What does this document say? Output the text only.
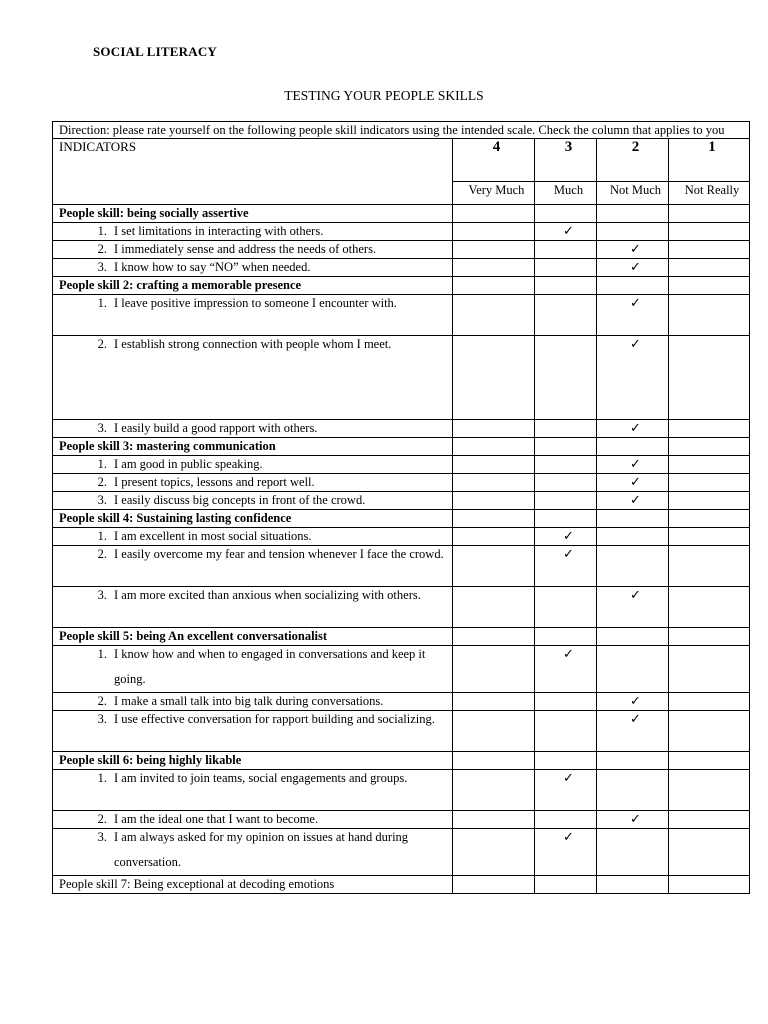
SOCIAL LITERACY
TESTING YOUR PEOPLE SKILLS
Direction: please rate yourself on the following people skill indicators using the intended scale. Check the column that applies to you				
INDICATORS	4	3	2	1
	Very Much	Much	Not Much	Not Really
People skill: being socially assertive				

1. I set limitations in interacting with others.		✓		

2. I immediately sense and address the needs of others.			✓	

3. I know how to say “NO” when needed.			✓	
People skill 2: crafting a memorable presence				

1. I leave positive impression to someone I encounter with.			✓	

2. I establish strong connection with people whom I meet.			✓	

3. I easily build a good rapport with others.			✓	
People skill 3: mastering communication				

1. I am good in public speaking.			✓	

2. I present topics, lessons and report well.			✓	

3. I easily discuss big concepts in front of the crowd.			✓	
People skill 4: Sustaining lasting confidence				

1. I am excellent in most social situations.		✓		

2. I easily overcome my fear and tension whenever I face the crowd.		✓		

3. I am more excited than anxious when socializing with others.			✓	
People skill 5: being An excellent conversationalist				

1. I know how and when to engaged in conversations and keep it going.		✓		

2. I make a small talk into big talk during conversations.			✓	

3. I use effective conversation for rapport building and socializing.			✓	
People skill 6: being highly likable				

1. I am invited to join teams, social engagements and groups.		✓		

2. I am the ideal one that I want to become.			✓	

3. I am always asked for my opinion on issues at hand during conversation.		✓		
People skill 7: Being exceptional at decoding emotions				
